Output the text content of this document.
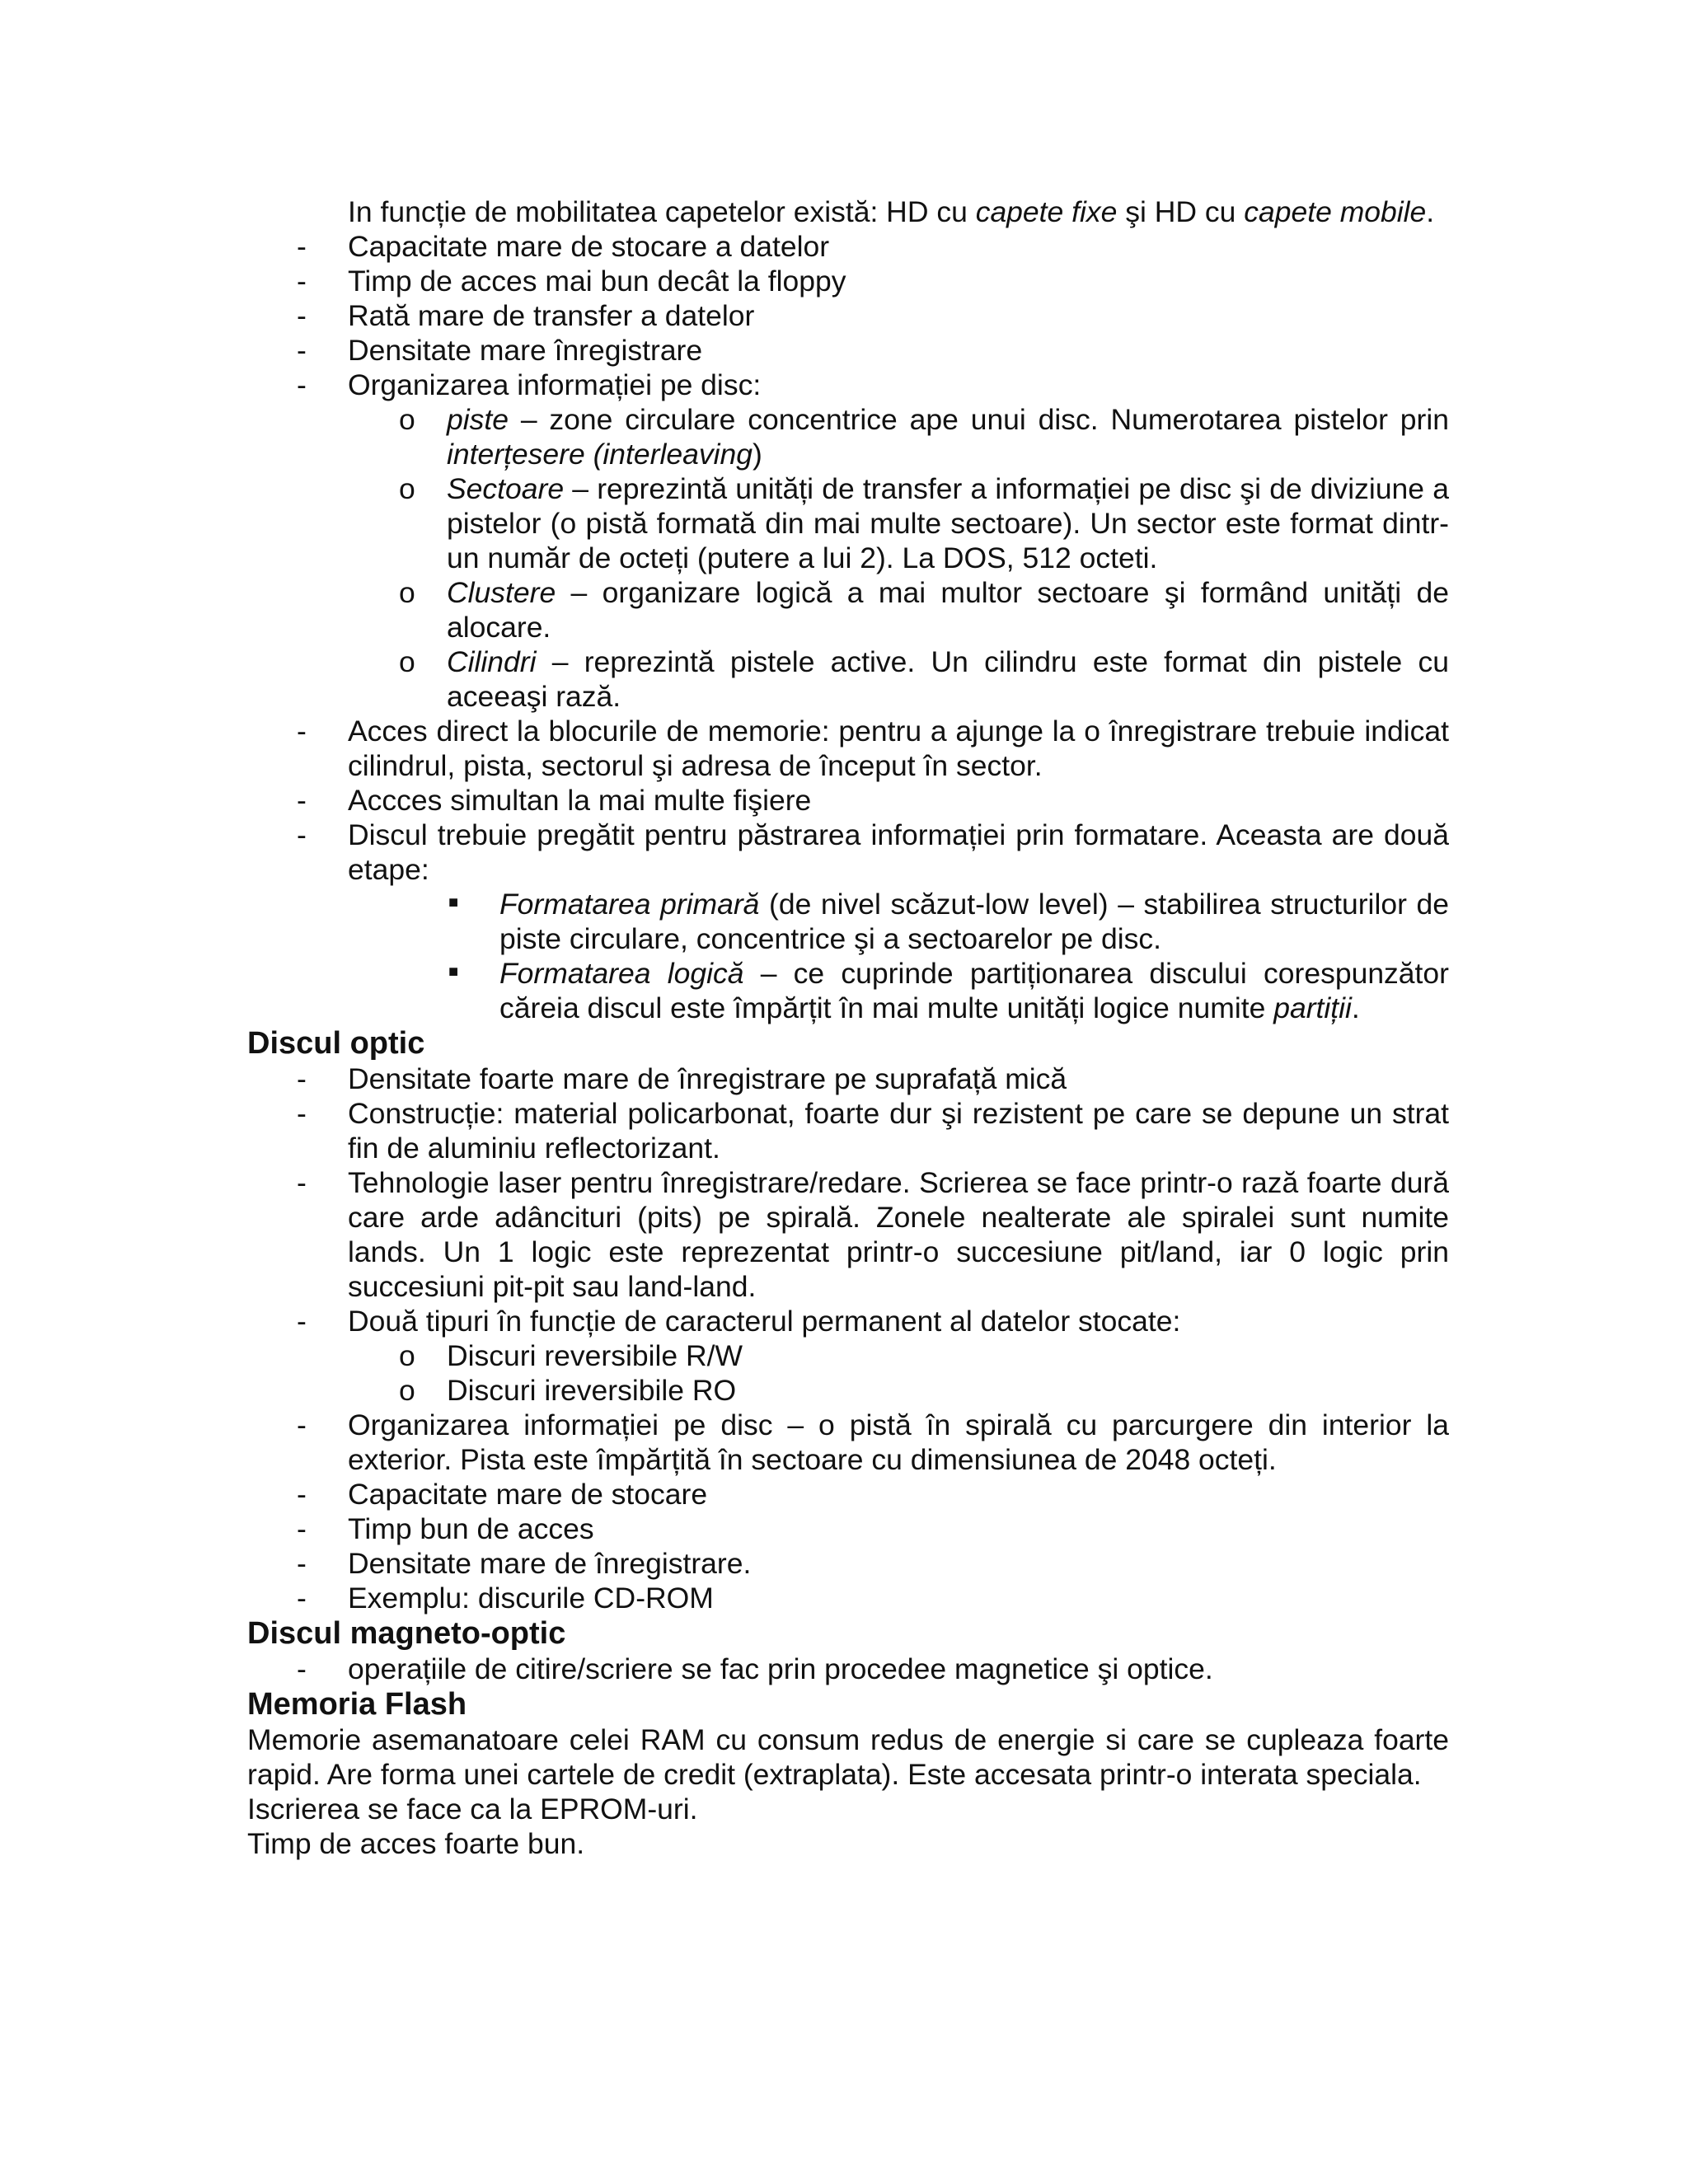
In funcție de mobilitatea capetelor există: HD cu capete fixe şi HD cu capete mobile.

- Capacitate mare de stocare a datelor
- Timp de acces mai bun decât la floppy
- Rată mare de transfer a datelor
- Densitate mare înregistrare
- Organizarea informației pe disc:
o piste – zone circulare concentrice ape unui disc. Numerotarea pistelor prin interțesere (interleaving)
o Sectoare – reprezintă unități de transfer a informației pe disc şi de diviziune a pistelor (o pistă formată din mai multe sectoare). Un sector este format dintr-un număr de octeți (putere a lui 2). La DOS, 512 octeti.
o Clustere – organizare logică a mai multor sectoare şi formând unități de alocare.
o Cilindri – reprezintă pistele active. Un cilindru este format din pistele cu aceeaşi rază.
- Acces direct la blocurile de memorie: pentru a ajunge la o înregistrare trebuie indicat cilindrul, pista, sectorul şi adresa de început în sector.
- Accces simultan la mai multe fişiere
- Discul trebuie pregătit pentru păstrarea informației prin formatare. Aceasta are două etape:
■ Formatarea primară (de nivel scăzut-low level) – stabilirea structurilor de piste circulare, concentrice şi a sectoarelor pe disc.
■ Formatarea logică – ce cuprinde partiționarea discului corespunzător căreia discul este împărțit în mai multe unități logice numite partiții.
Discul optic
- Densitate foarte mare de înregistrare pe suprafață mică
- Construcție: material policarbonat, foarte dur şi rezistent pe care se depune un strat fin de aluminiu reflectorizant.
- Tehnologie laser pentru înregistrare/redare. Scrierea se face printr-o rază foarte dură care arde adâncituri (pits) pe spirală. Zonele nealterate ale spiralei sunt numite lands. Un 1 logic este reprezentat printr-o succesiune pit/land, iar 0 logic prin succesiuni pit-pit sau land-land.
- Două tipuri în funcție de caracterul permanent al datelor stocate:
o Discuri reversibile R/W
o Discuri ireversibile RO
- Organizarea informației pe disc – o pistă în spirală cu parcurgere din interior la exterior. Pista este împărțită în sectoare cu dimensiunea de 2048 octeți.
- Capacitate mare de stocare
- Timp bun de acces
- Densitate mare de înregistrare.
- Exemplu: discurile CD-ROM
Discul magneto-optic
- operațiile de citire/scriere se fac prin procedee magnetice şi optice.
Memoria Flash

Memorie asemanatoare celei RAM cu consum redus de energie si care se cupleaza foarte rapid. Are forma unei cartele de credit (extraplata). Este accesata printr-o interata speciala.

Iscrierea se face ca la EPROM-uri.

Timp de acces foarte bun.
